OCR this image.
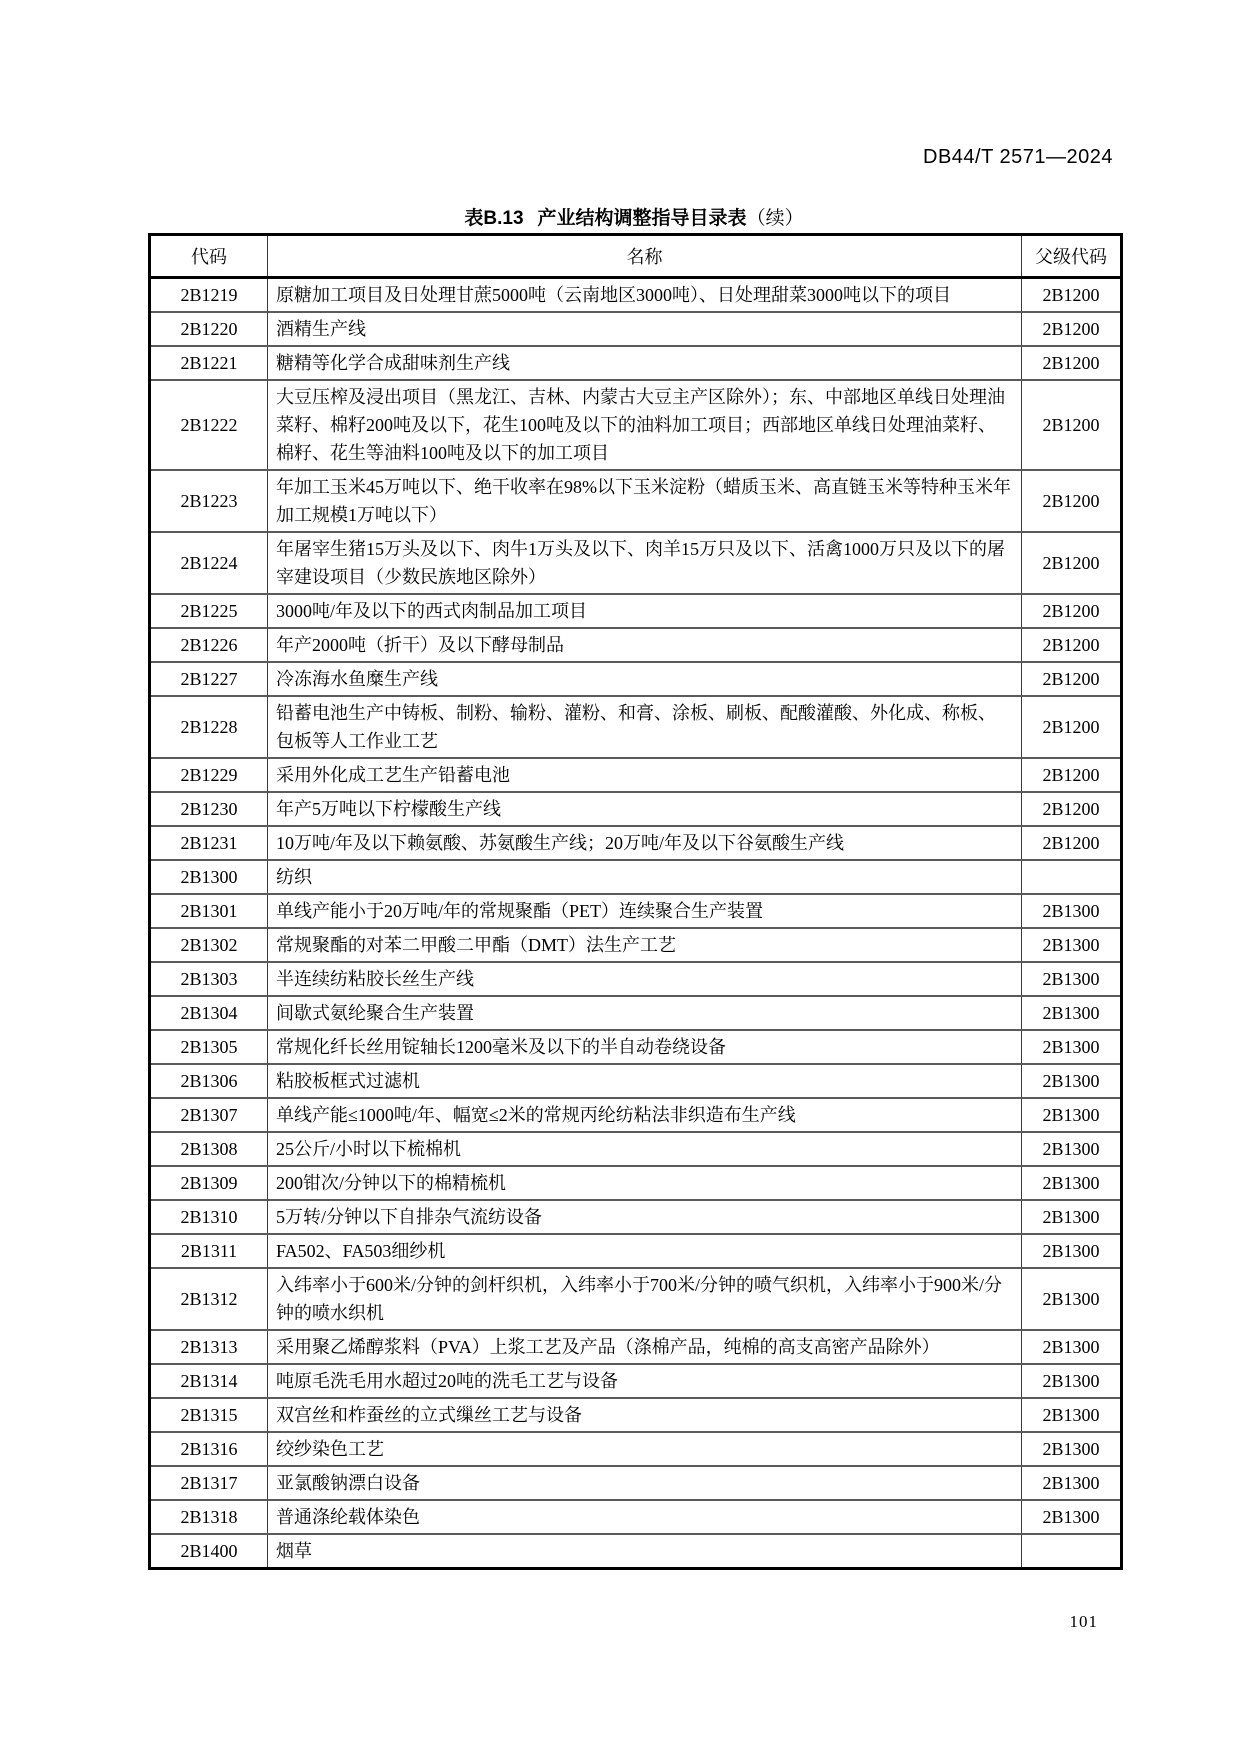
DB44/T 2571—2024
表B.13 产业结构调整指导目录表（续）
代码	名称	父级代码
2B1219	原糖加工项目及日处理甘蔗5000吨（云南地区3000吨）、日处理甜菜3000吨以下的项目	2B1200
2B1220	酒精生产线	2B1200
2B1221	糖精等化学合成甜味剂生产线	2B1200
2B1222	大豆压榨及浸出项目（黑龙江、吉林、内蒙古大豆主产区除外）；东、中部地区单线日处理油菜籽、棉籽200吨及以下，花生100吨及以下的油料加工项目；西部地区单线日处理油菜籽、棉籽、花生等油料100吨及以下的加工项目	2B1200
2B1223	年加工玉米45万吨以下、绝干收率在98%以下玉米淀粉（蜡质玉米、高直链玉米等特种玉米年加工规模1万吨以下）	2B1200
2B1224	年屠宰生猪15万头及以下、肉牛1万头及以下、肉羊15万只及以下、活禽1000万只及以下的屠宰建设项目（少数民族地区除外）	2B1200
2B1225	3000吨/年及以下的西式肉制品加工项目	2B1200
2B1226	年产2000吨（折干）及以下酵母制品	2B1200
2B1227	冷冻海水鱼糜生产线	2B1200
2B1228	铅蓄电池生产中铸板、制粉、输粉、灌粉、和膏、涂板、刷板、配酸灌酸、外化成、称板、包板等人工作业工艺	2B1200
2B1229	采用外化成工艺生产铅蓄电池	2B1200
2B1230	年产5万吨以下柠檬酸生产线	2B1200
2B1231	10万吨/年及以下赖氨酸、苏氨酸生产线；20万吨/年及以下谷氨酸生产线	2B1200
2B1300	纺织	
2B1301	单线产能小于20万吨/年的常规聚酯（PET）连续聚合生产装置	2B1300
2B1302	常规聚酯的对苯二甲酸二甲酯（DMT）法生产工艺	2B1300
2B1303	半连续纺粘胶长丝生产线	2B1300
2B1304	间歇式氨纶聚合生产装置	2B1300
2B1305	常规化纤长丝用锭轴长1200毫米及以下的半自动卷绕设备	2B1300
2B1306	粘胶板框式过滤机	2B1300
2B1307	单线产能≤1000吨/年、幅宽≤2米的常规丙纶纺粘法非织造布生产线	2B1300
2B1308	25公斤/小时以下梳棉机	2B1300
2B1309	200钳次/分钟以下的棉精梳机	2B1300
2B1310	5万转/分钟以下自排杂气流纺设备	2B1300
2B1311	FA502、FA503细纱机	2B1300
2B1312	入纬率小于600米/分钟的剑杆织机，入纬率小于700米/分钟的喷气织机，入纬率小于900米/分钟的喷水织机	2B1300
2B1313	采用聚乙烯醇浆料（PVA）上浆工艺及产品（涤棉产品，纯棉的高支高密产品除外）	2B1300
2B1314	吨原毛洗毛用水超过20吨的洗毛工艺与设备	2B1300
2B1315	双宫丝和柞蚕丝的立式缫丝工艺与设备	2B1300
2B1316	绞纱染色工艺	2B1300
2B1317	亚氯酸钠漂白设备	2B1300
2B1318	普通涤纶载体染色	2B1300
2B1400	烟草	
101
